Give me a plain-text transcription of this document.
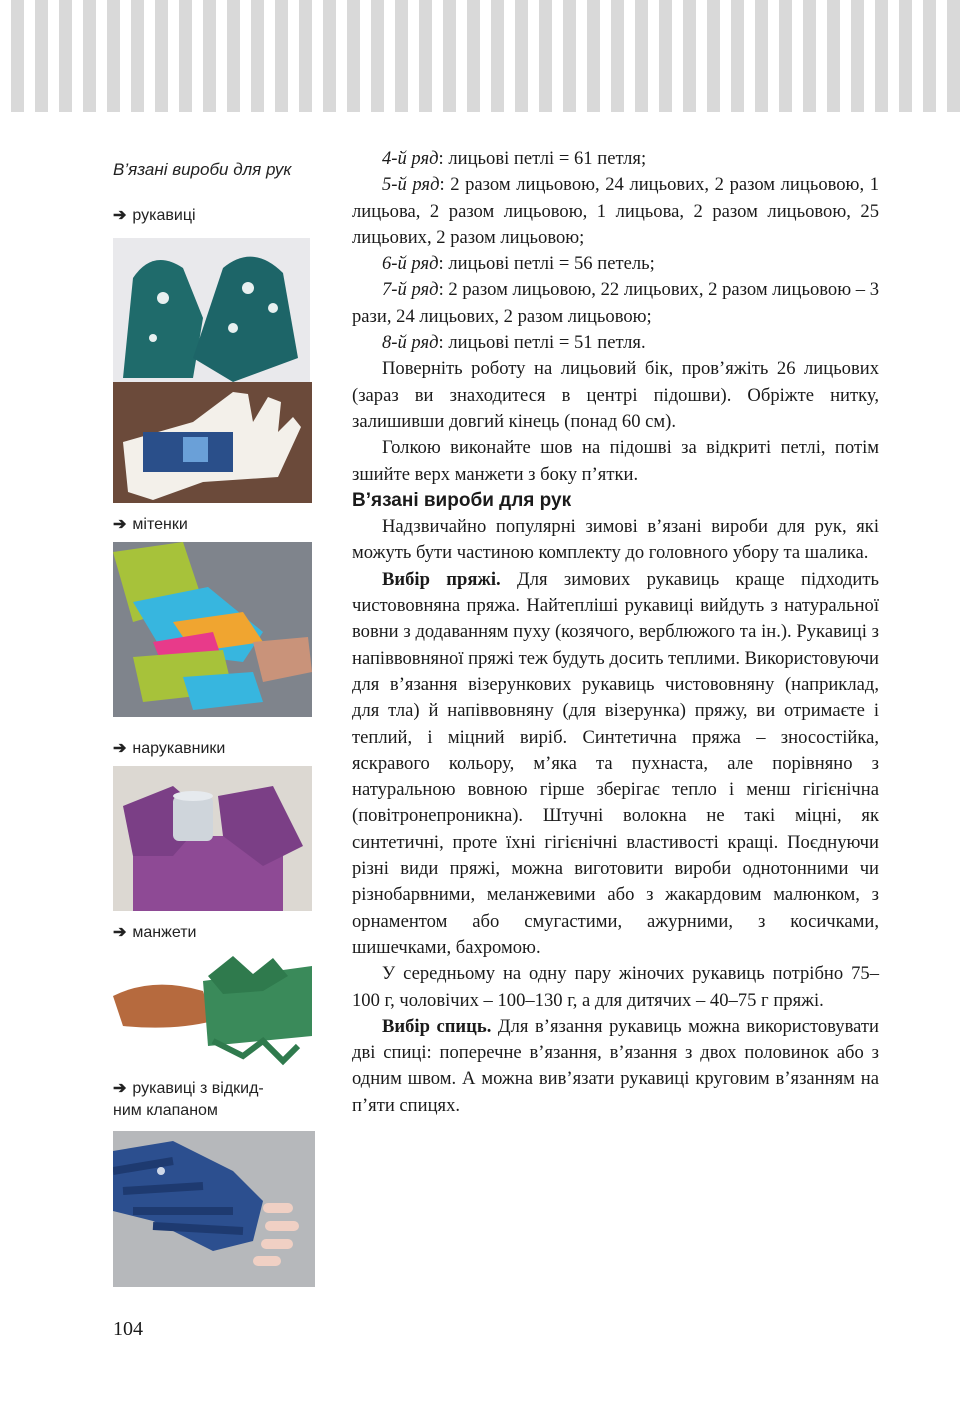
В’язані вироби для рук
➔ рукавиці
➔ мітенки
➔ нарукавники
➔ манжети
➔ рукавиці з відкид-
ним клапаном

4-й ряд: лицьові петлі = 61 петля;

5-й ряд: 2 разом лицьовою, 24 лицьових, 2 разом лицьовою, 1 лицьова, 2 разом лицьовою, 1 лицьова, 2 разом лицьовою, 25 лицьових, 2 разом лицьовою;

6-й ряд: лицьові петлі = 56 петель;

7-й ряд: 2 разом лицьовою, 22 лицьових, 2 разом лицьовою – 3 рази, 24 лицьових, 2 разом лицьовою;

8-й ряд: лицьові петлі = 51 петля.

Поверніть роботу на лицьовий бік, пров’яжіть 26 лицьових (зараз ви знаходитеся в центрі підошви). Обріжте нитку, залишивши довгий кінець (понад 60 см).

Голкою виконайте шов на підошві за відкриті петлі, потім зшийте верх манжети з боку п’ятки.

В’язані вироби для рук

Надзвичайно популярні зимові в’язані вироби для рук, які можуть бути частиною комплекту до головного убору та шалика.

Вибір пряжі. Для зимових рукавиць краще підходить чистововняна пряжа. Найтепліші рукавиці вийдуть з натуральної вовни з додаванням пуху (козячого, верблюжого та ін.). Рукавиці з напіввовняної пряжі теж будуть досить теплими. Використовуючи для в’язання візерункових рукавиць чистововняну (наприклад, для тла) й напіввовняну (для візерунка) пряжу, ви отримаєте і теплий, і міцний виріб. Синтетична пряжа – зносостійка, яскравого кольору, м’яка та пухнаста, але порівняно з натуральною вовною гірше зберігає тепло і менш гігієнічна (повітронепроникна). Штучні волокна не такі міцні, як синтетичні, проте їхні гігієнічні властивості кращі. Поєднуючи різні види пряжі, можна виготовити вироби однотонними чи різнобарвними, меланжевими або з жакардовим малюнком, з орнаментом або смугастими, ажурними, з косичками, шишечками, бахромою.

У середньому на одну пару жіночих рукавиць потрібно 75–100 г, чоловічих – 100–130 г, а для дитячих – 40–75 г пряжі.

Вибір спиць. Для в’язання рукавиць можна використовувати дві спиці: поперечне в’язання, в’язання з двох половинок або з одним швом. А можна вив’язати рукавиці круговим в’язанням на п’яти спицях.

104
